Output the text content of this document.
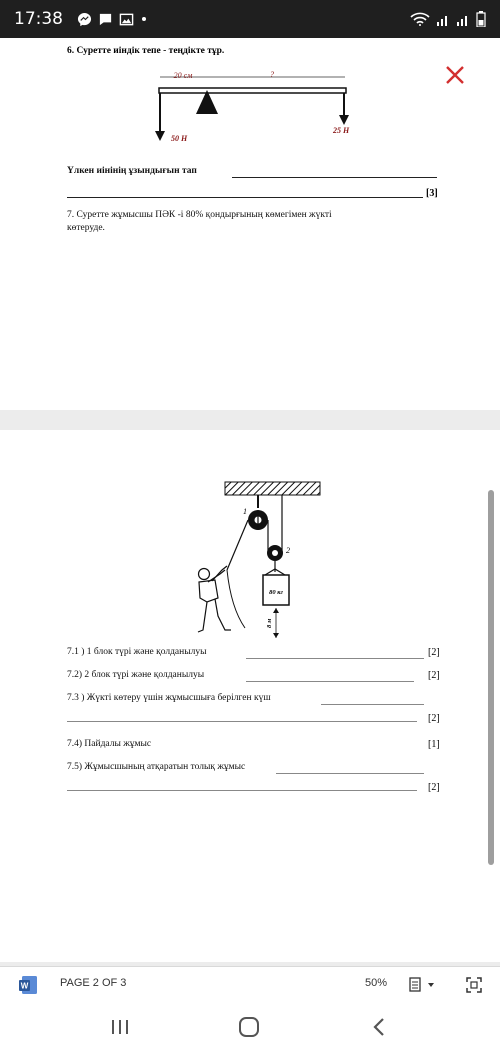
17:38
6. Суретте иіндік тепе - теңдікте тұр.
20 см	?
50 Н
25 Н
Үлкен иінінің ұзындығын тап
[3]
7. Суретте жұмысшы ПӘК -і 80% қондырғының көмегімен жүкті
көтеруде.
1
2
80 кг
8 м
7.1 ) 1 блок түрі және қолданылуы	[2]
7.2) 2 блок түрі және қолданылуы	[2]
7.3 ) Жүкті көтеру үшін жұмысшыға берілген күш
[2]
7.4) Пайдалы жұмыс	[1]
7.5) Жұмысшының атқаратын толық жұмыс
[2]
W	PAGE 2 OF 3	50%
